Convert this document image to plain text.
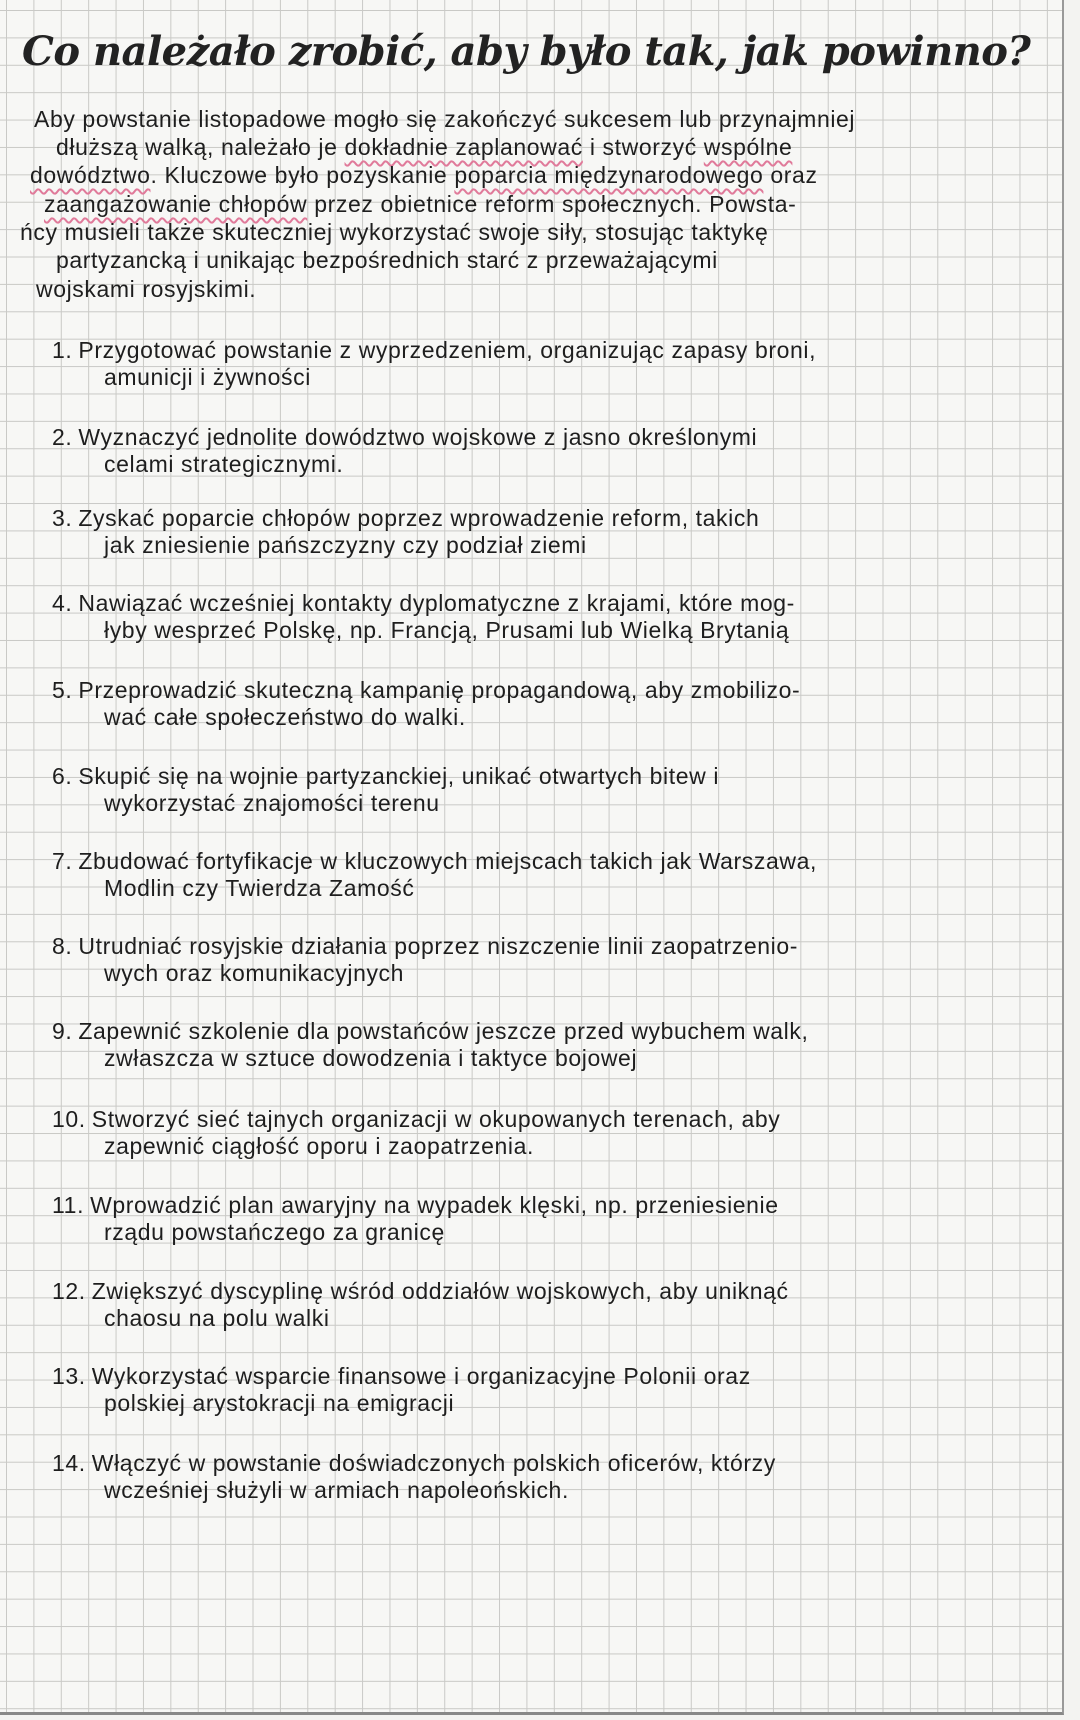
Co należało zrobić, aby było tak, jak powinno?
Aby powstanie listopadowe mogło się zakończyć sukcesem lub przynajmniej
dłuższą walką, należało je dokładnie zaplanować i stworzyć wspólne
dowództwo. Kluczowe było pozyskanie poparcia międzynarodowego oraz
zaangażowanie chłopów przez obietnice reform społecznych. Powsta-
ńcy musieli także skuteczniej wykorzystać swoje siły, stosując taktykę
partyzancką i unikając bezpośrednich starć z przeważającymi
wojskami rosyjskimi.
1. Przygotować powstanie z wyprzedzeniem, organizując zapasy broni,
amunicji i żywności
2. Wyznaczyć jednolite dowództwo wojskowe z jasno określonymi
celami strategicznymi.
3. Zyskać poparcie chłopów poprzez wprowadzenie reform, takich
jak zniesienie pańszczyzny czy podział ziemi
4. Nawiązać wcześniej kontakty dyplomatyczne z krajami, które mog-
łyby wesprzeć Polskę, np. Francją, Prusami lub Wielką Brytanią
5. Przeprowadzić skuteczną kampanię propagandową, aby zmobilizo-
wać całe społeczeństwo do walki.
6. Skupić się na wojnie partyzanckiej, unikać otwartych bitew i
wykorzystać znajomości terenu
7. Zbudować fortyfikacje w kluczowych miejscach takich jak Warszawa,
Modlin czy Twierdza Zamość
8. Utrudniać rosyjskie działania poprzez niszczenie linii zaopatrzenio-
wych oraz komunikacyjnych
9. Zapewnić szkolenie dla powstańców jeszcze przed wybuchem walk,
zwłaszcza w sztuce dowodzenia i taktyce bojowej
10. Stworzyć sieć tajnych organizacji w okupowanych terenach, aby
zapewnić ciągłość oporu i zaopatrzenia.
11. Wprowadzić plan awaryjny na wypadek klęski, np. przeniesienie
rządu powstańczego za granicę
12. Zwiększyć dyscyplinę wśród oddziałów wojskowych, aby uniknąć
chaosu na polu walki
13. Wykorzystać wsparcie finansowe i organizacyjne Polonii oraz
polskiej arystokracji na emigracji
14. Włączyć w powstanie doświadczonych polskich oficerów, którzy
wcześniej służyli w armiach napoleońskich.
